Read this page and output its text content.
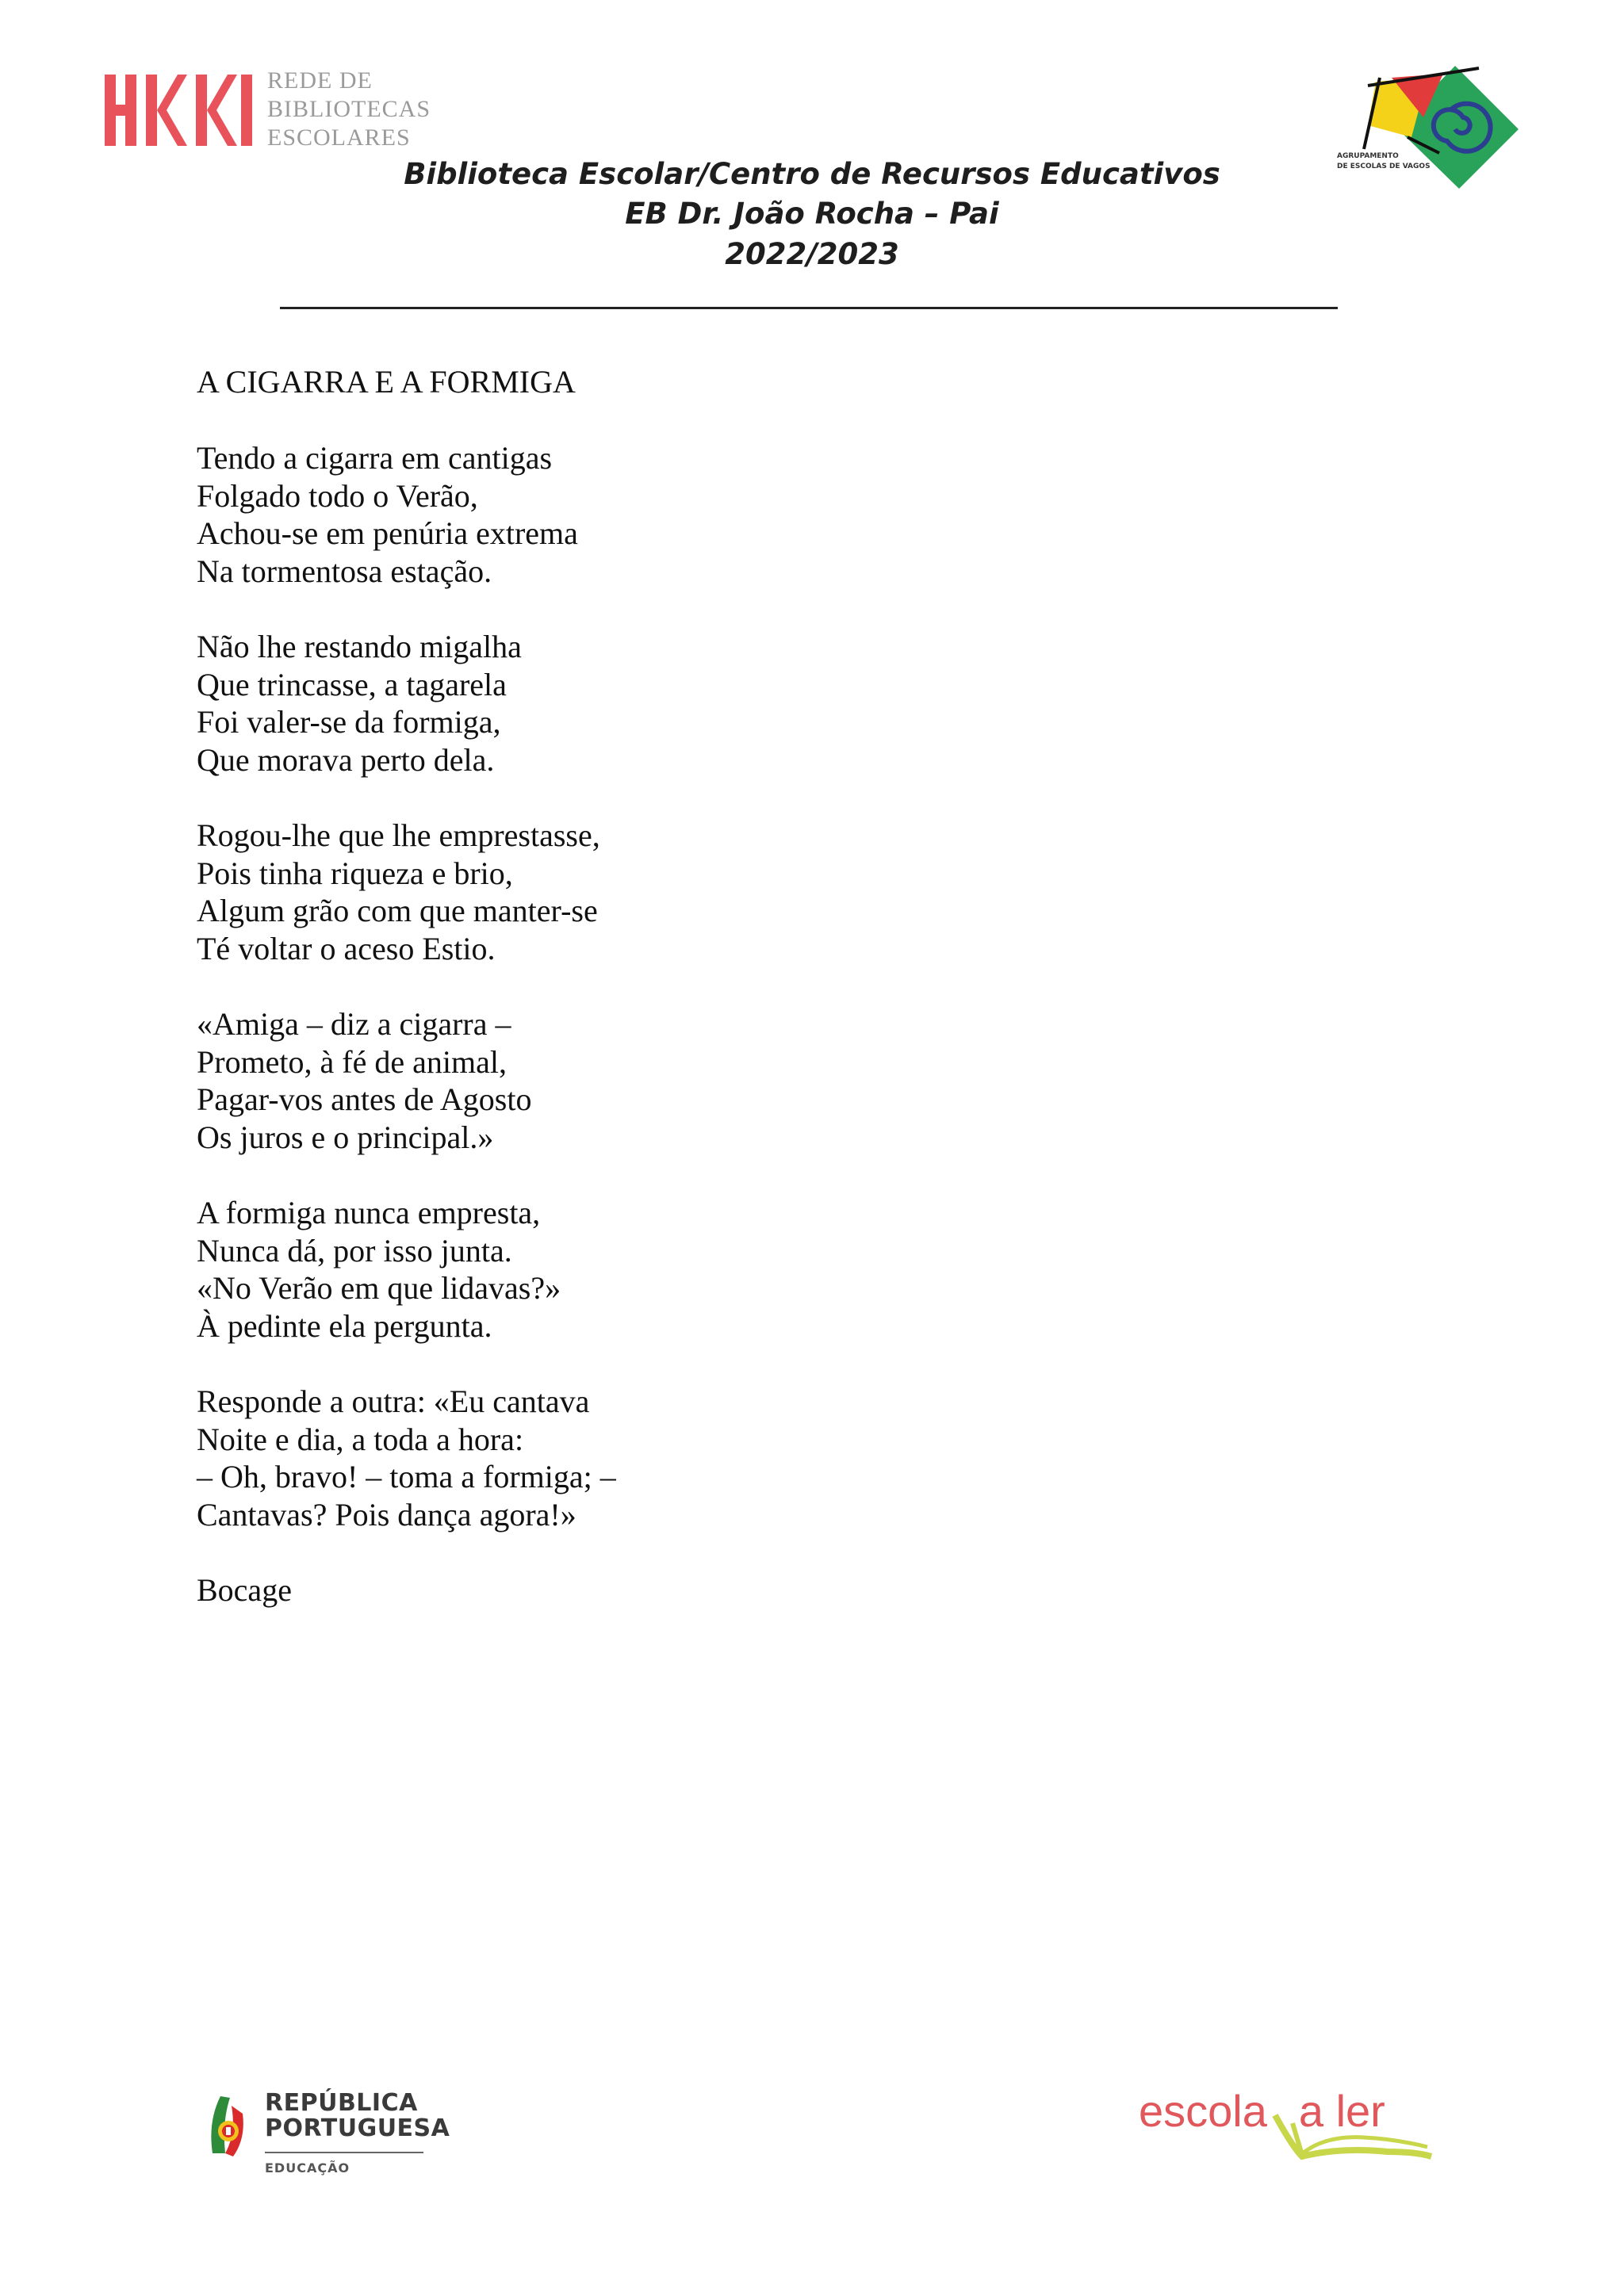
REDE DE
BIBLIOTECAS
ESCOLARES
AGRUPAMENTO
DE ESCOLAS DE VAGOS
Biblioteca Escolar/Centro de Recursos Educativos
EB Dr. João Rocha – Pai
2022/2023
A CIGARRA E A FORMIGA
Tendo a cigarra em cantigas
Folgado todo o Verão,
Achou-se em penúria extrema
Na tormentosa estação.
Não lhe restando migalha
Que trincasse, a tagarela
Foi valer-se da formiga,
Que morava perto dela.
Rogou-lhe que lhe emprestasse,
Pois tinha riqueza e brio,
Algum grão com que manter-se
Té voltar o aceso Estio.
«Amiga – diz a cigarra –
Prometo, à fé de animal,
Pagar-vos antes de Agosto
Os juros e o principal.»
A formiga nunca empresta,
Nunca dá, por isso junta.
«No Verão em que lidavas?»
À pedinte ela pergunta.
Responde a outra: «Eu cantava
Noite e dia, a toda a hora:
– Oh, bravo! – toma a formiga; –
Cantavas? Pois dança agora!»
Bocage
REPÚBLICA
PORTUGUESA
EDUCAÇÃO
escola a ler
